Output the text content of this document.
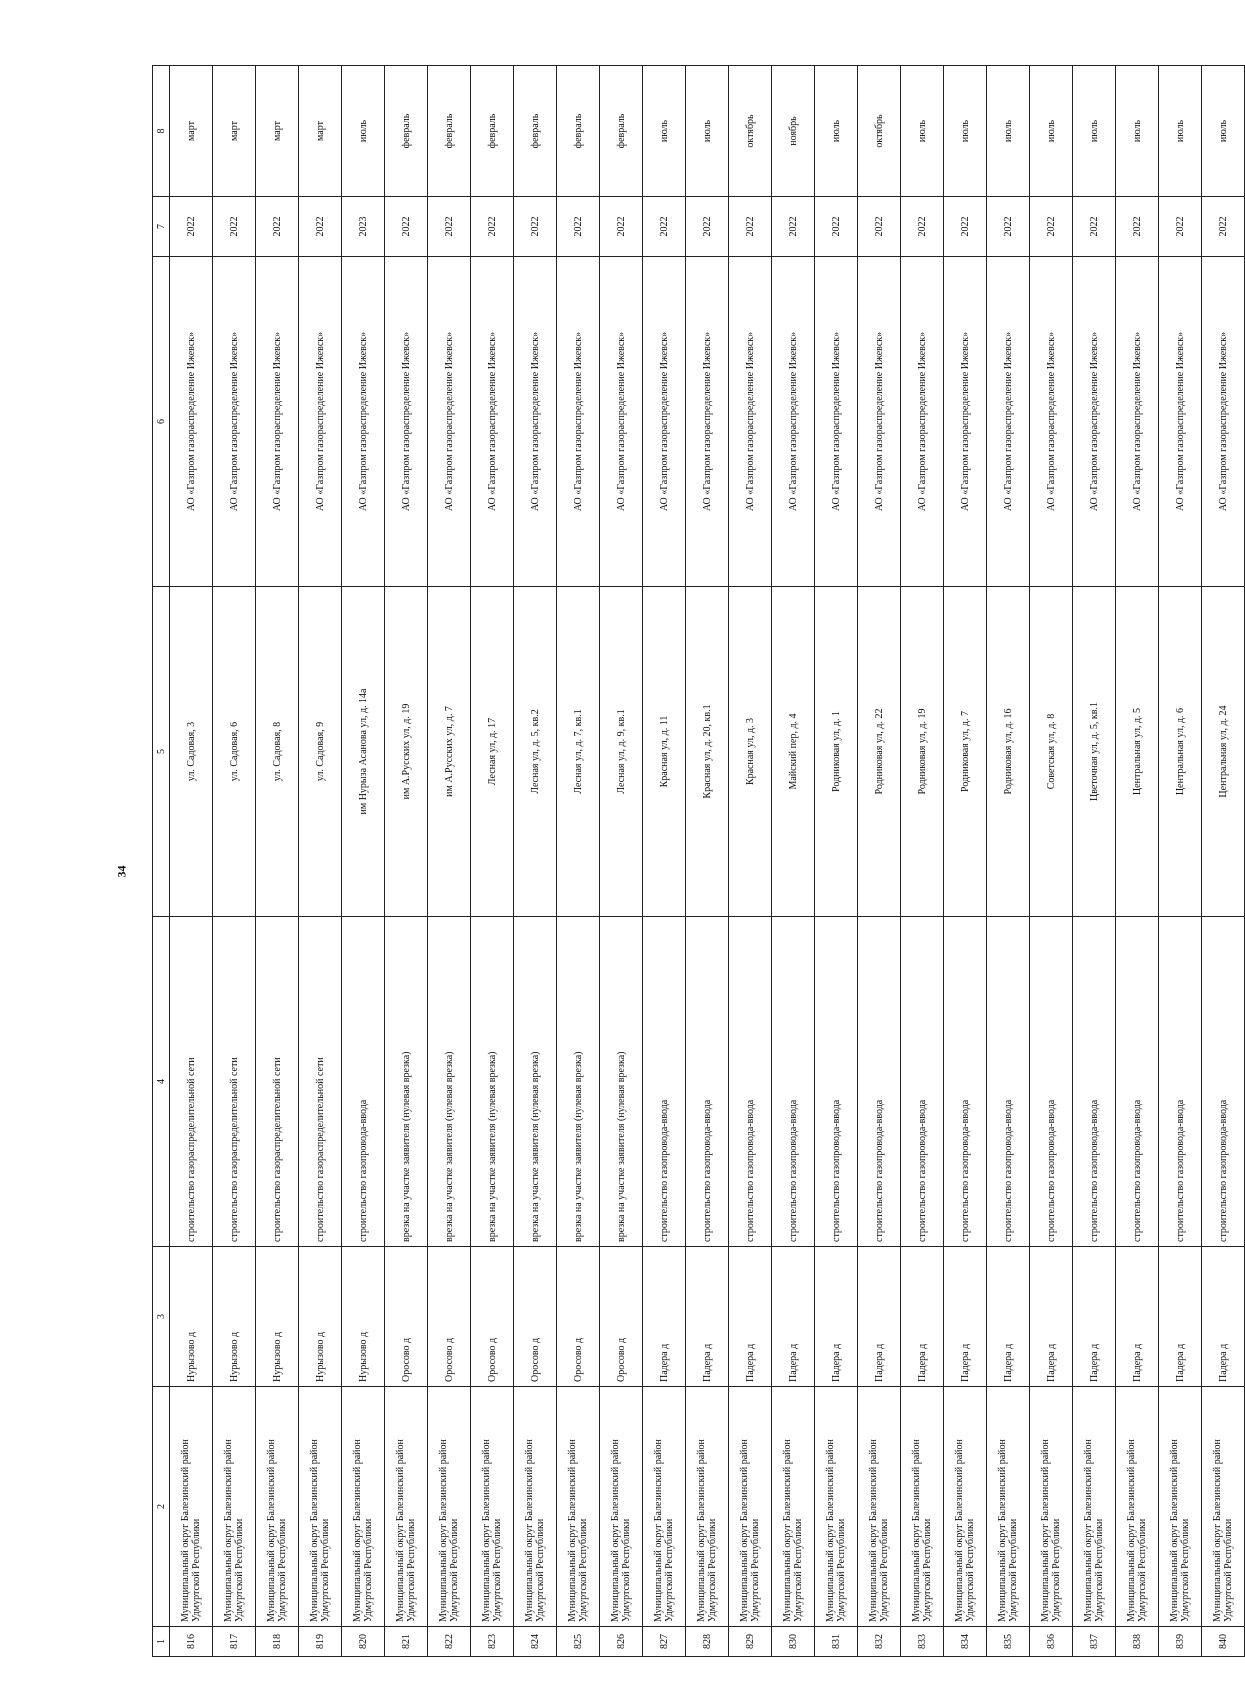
34
1	2	3	4	5	6	7	8
816	Муниципальный округ Балезинский район Удмуртской Республики	Нурызово д	строительство газораспределительной сети	ул. Садовая, 3	АО «Газпром газораспределение Ижевск»	2022	март
817	Муниципальный округ Балезинский район Удмуртской Республики	Нурызово д	строительство газораспределительной сети	ул. Садовая, 6	АО «Газпром газораспределение Ижевск»	2022	март
818	Муниципальный округ Балезинский район Удмуртской Республики	Нурызово д	строительство газораспределительной сети	ул. Садовая, 8	АО «Газпром газораспределение Ижевск»	2022	март
819	Муниципальный округ Балезинский район Удмуртской Республики	Нурызово д	строительство газораспределительной сети	ул. Садовая, 9	АО «Газпром газораспределение Ижевск»	2022	март
820	Муниципальный округ Балезинский район Удмуртской Республики	Нурызово д	строительство газопровода-ввода	им Нурыза Асанова ул, д. 14а	АО «Газпром газораспределение Ижевск»	2023	июль
821	Муниципальный округ Балезинский район Удмуртской Республики	Оросово д	врезка на участке заявителя (нулевая врезка)	им А.Русских ул, д. 19	АО «Газпром газораспределение Ижевск»	2022	февраль
822	Муниципальный округ Балезинский район Удмуртской Республики	Оросово д	врезка на участке заявителя (нулевая врезка)	им А.Русских ул, д. 7	АО «Газпром газораспределение Ижевск»	2022	февраль
823	Муниципальный округ Балезинский район Удмуртской Республики	Оросово д	врезка на участке заявителя (нулевая врезка)	Лесная ул, д. 17	АО «Газпром газораспределение Ижевск»	2022	февраль
824	Муниципальный округ Балезинский район Удмуртской Республики	Оросово д	врезка на участке заявителя (нулевая врезка)	Лесная ул, д. 5, кв.2	АО «Газпром газораспределение Ижевск»	2022	февраль
825	Муниципальный округ Балезинский район Удмуртской Республики	Оросово д	врезка на участке заявителя (нулевая врезка)	Лесная ул, д. 7, кв.1	АО «Газпром газораспределение Ижевск»	2022	февраль
826	Муниципальный округ Балезинский район Удмуртской Республики	Оросово д	врезка на участке заявителя (нулевая врезка)	Лесная ул, д. 9, кв.1	АО «Газпром газораспределение Ижевск»	2022	февраль
827	Муниципальный округ Балезинский район Удмуртской Республики	Падера д	строительство газопровода-ввода	Красная ул, д. 11	АО «Газпром газораспределение Ижевск»	2022	июль
828	Муниципальный округ Балезинский район Удмуртской Республики	Падера д	строительство газопровода-ввода	Красная ул, д. 20, кв.1	АО «Газпром газораспределение Ижевск»	2022	июль
829	Муниципальный округ Балезинский район Удмуртской Республики	Падера д	строительство газопровода-ввода	Красная ул, д. 3	АО «Газпром газораспределение Ижевск»	2022	октябрь
830	Муниципальный округ Балезинский район Удмуртской Республики	Падера д	строительство газопровода-ввода	Майский пер, д. 4	АО «Газпром газораспределение Ижевск»	2022	ноябрь
831	Муниципальный округ Балезинский район Удмуртской Республики	Падера д	строительство газопровода-ввода	Родниковая ул, д. 1	АО «Газпром газораспределение Ижевск»	2022	июль
832	Муниципальный округ Балезинский район Удмуртской Республики	Падера д	строительство газопровода-ввода	Родниковая ул, д. 22	АО «Газпром газораспределение Ижевск»	2022	октябрь
833	Муниципальный округ Балезинский район Удмуртской Республики	Падера д	строительство газопровода-ввода	Родниковая ул, д. 19	АО «Газпром газораспределение Ижевск»	2022	июль
834	Муниципальный округ Балезинский район Удмуртской Республики	Падера д	строительство газопровода-ввода	Родниковая ул, д. 7	АО «Газпром газораспределение Ижевск»	2022	июль
835	Муниципальный округ Балезинский район Удмуртской Республики	Падера д	строительство газопровода-ввода	Родниковая ул, д. 16	АО «Газпром газораспределение Ижевск»	2022	июль
836	Муниципальный округ Балезинский район Удмуртской Республики	Падера д	строительство газопровода-ввода	Советская ул, д. 8	АО «Газпром газораспределение Ижевск»	2022	июль
837	Муниципальный округ Балезинский район Удмуртской Республики	Падера д	строительство газопровода-ввода	Цветочная ул, д. 5, кв.1	АО «Газпром газораспределение Ижевск»	2022	июль
838	Муниципальный округ Балезинский район Удмуртской Республики	Падера д	строительство газопровода-ввода	Центральная ул, д. 5	АО «Газпром газораспределение Ижевск»	2022	июль
839	Муниципальный округ Балезинский район Удмуртской Республики	Падера д	строительство газопровода-ввода	Центральная ул, д. 6	АО «Газпром газораспределение Ижевск»	2022	июль
840	Муниципальный округ Балезинский район Удмуртской Республики	Падера д	строительство газопровода-ввода	Центральная ул, д. 24	АО «Газпром газораспределение Ижевск»	2022	июль
